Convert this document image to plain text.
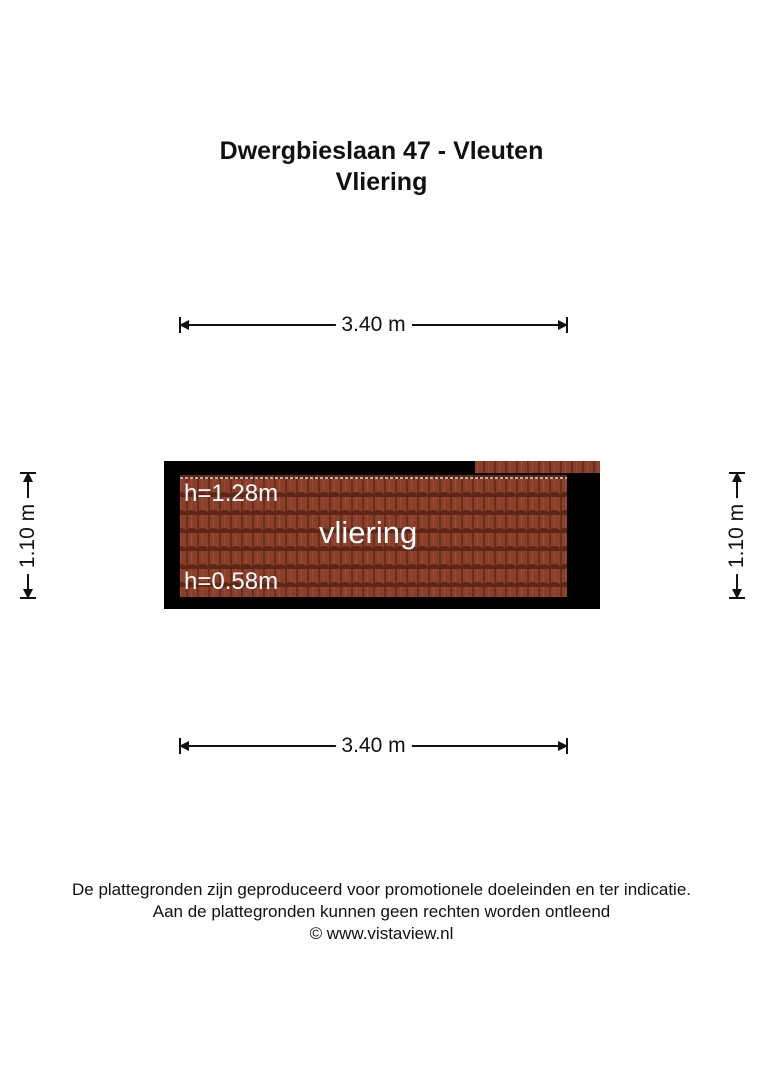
Dwergbieslaan 47 - Vleuten
Vliering
3.40 m
3.40 m
1.10 m	1.10 m
h=1.28m
vliering
h=0.58m
De plattegronden zijn geproduceerd voor promotionele doeleinden en ter indicatie.
Aan de plattegronden kunnen geen rechten worden ontleend
© www.vistaview.nl
